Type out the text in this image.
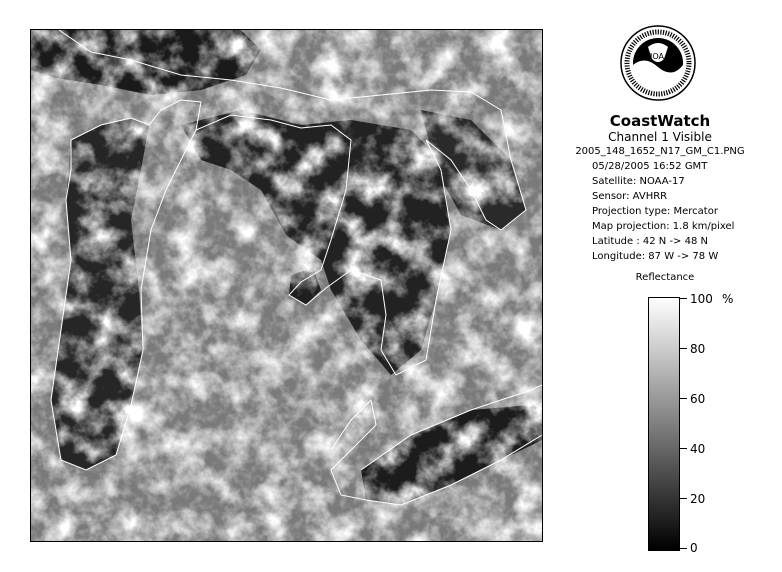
NOAA
CoastWatch
Channel 1 Visible
2005_148_1652_N17_GM_C1.PNG
05/28/2005 16:52 GMT
Satellite: NOAA-17
Sensor: AVHRR
Projection type: Mercator
Map projection: 1.8 km/pixel
Latitude : 42 N -> 48 N
Longitude: 87 W -> 78 W
Reflectance
%
100
80
60
40
20
0
